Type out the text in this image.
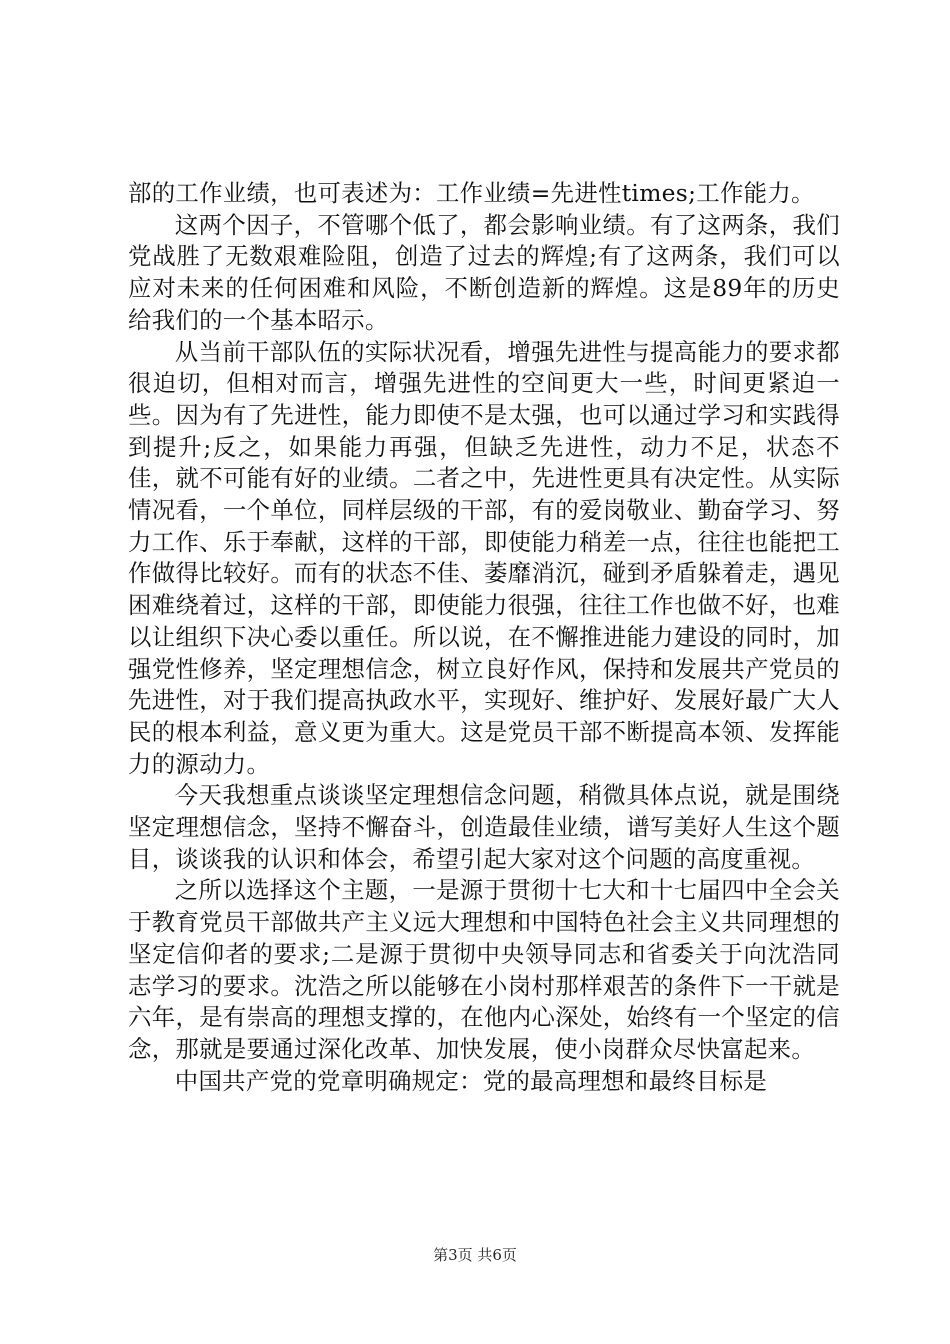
部的工作业绩，也可表述为：工作业绩=先进性times;工作能力。

这两个因子，不管哪个低了，都会影响业绩。有了这两条，我们党战胜了无数艰难险阻，创造了过去的辉煌;有了这两条，我们可以应对未来的任何困难和风险，不断创造新的辉煌。这是89年的历史给我们的一个基本昭示。

从当前干部队伍的实际状况看，增强先进性与提高能力的要求都很迫切，但相对而言，增强先进性的空间更大一些，时间更紧迫一些。因为有了先进性，能力即使不是太强，也可以通过学习和实践得到提升;反之，如果能力再强，但缺乏先进性，动力不足，状态不佳，就不可能有好的业绩。二者之中，先进性更具有决定性。从实际情况看，一个单位，同样层级的干部，有的爱岗敬业、勤奋学习、努力工作、乐于奉献，这样的干部，即使能力稍差一点，往往也能把工作做得比较好。而有的状态不佳、萎靡消沉，碰到矛盾躲着走，遇见困难绕着过，这样的干部，即使能力很强，往往工作也做不好，也难以让组织下决心委以重任。所以说，在不懈推进能力建设的同时，加强党性修养，坚定理想信念，树立良好作风，保持和发展共产党员的先进性，对于我们提高执政水平，实现好、维护好、发展好最广大人民的根本利益，意义更为重大。这是党员干部不断提高本领、发挥能力的源动力。

今天我想重点谈谈坚定理想信念问题，稍微具体点说，就是围绕坚定理想信念，坚持不懈奋斗，创造最佳业绩，谱写美好人生这个题目，谈谈我的认识和体会，希望引起大家对这个问题的高度重视。

之所以选择这个主题，一是源于贯彻十七大和十七届四中全会关于教育党员干部做共产主义远大理想和中国特色社会主义共同理想的坚定信仰者的要求;二是源于贯彻中央领导同志和省委关于向沈浩同志学习的要求。沈浩之所以能够在小岗村那样艰苦的条件下一干就是六年，是有崇高的理想支撑的，在他内心深处，始终有一个坚定的信念，那就是要通过深化改革、加快发展，使小岗群众尽快富起来。

中国共产党的党章明确规定：党的最高理想和最终目标是

第3页 共6页
